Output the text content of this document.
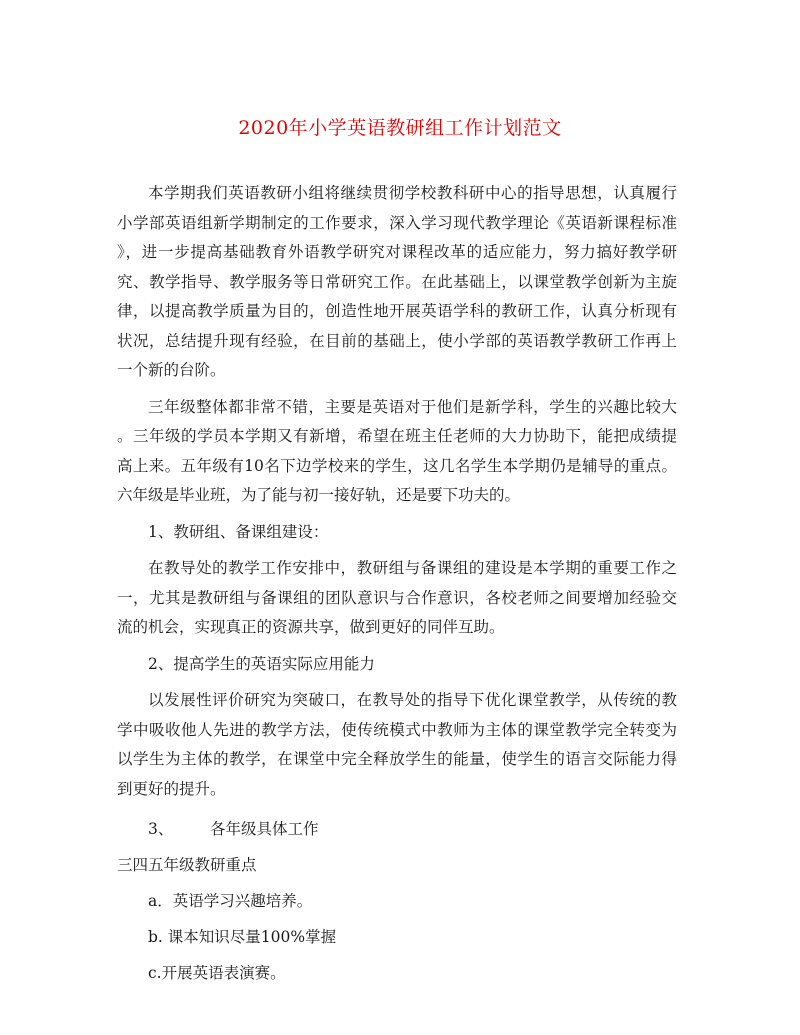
2020年小学英语教研组工作计划范文
本学期我们英语教研小组将继续贯彻学校教科研中心的指导思想，认真履行
小学部英语组新学期制定的工作要求，深入学习现代教学理论《英语新课程标准
》，进一步提高基础教育外语教学研究对课程改革的适应能力，努力搞好教学研
究、教学指导、教学服务等日常研究工作。在此基础上，以课堂教学创新为主旋
律，以提高教学质量为目的，创造性地开展英语学科的教研工作，认真分析现有
状况，总结提升现有经验，在目前的基础上，使小学部的英语教学教研工作再上
一个新的台阶。
三年级整体都非常不错，主要是英语对于他们是新学科，学生的兴趣比较大
。三年级的学员本学期又有新增，希望在班主任老师的大力协助下，能把成绩提
高上来。五年级有10名下边学校来的学生，这几名学生本学期仍是辅导的重点。
六年级是毕业班，为了能与初一接好轨，还是要下功夫的。
1、教研组、备课组建设：
在教导处的教学工作安排中，教研组与备课组的建设是本学期的重要工作之
一，尤其是教研组与备课组的团队意识与合作意识，各校老师之间要增加经验交
流的机会，实现真正的资源共享，做到更好的同伴互助。
2、提高学生的英语实际应用能力
以发展性评价研究为突破口，在教导处的指导下优化课堂教学，从传统的教
学中吸收他人先进的教学方法，使传统模式中教师为主体的课堂教学完全转变为
以学生为主体的教学，在课堂中完全释放学生的能量，使学生的语言交际能力得
到更好的提升。
3、 各年级具体工作
三四五年级教研重点
a．英语学习兴趣培养。
b. 课本知识尽量100%掌握
c.开展英语表演赛。
